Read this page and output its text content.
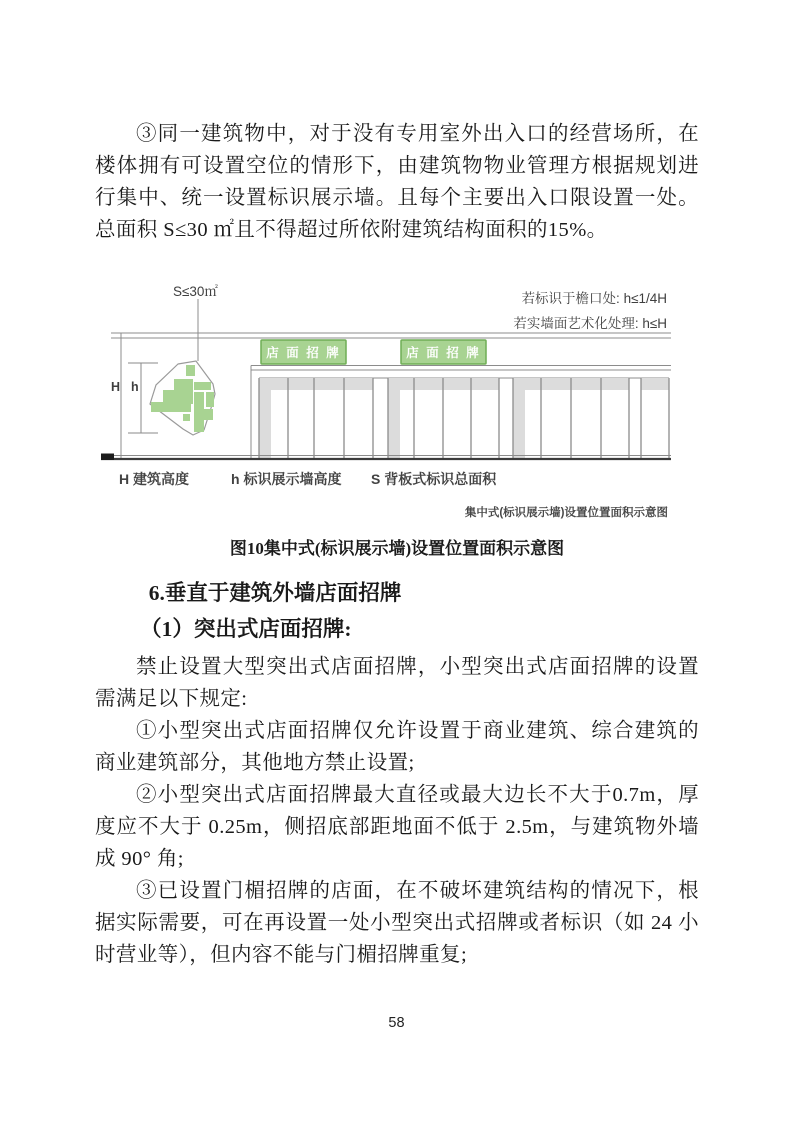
③同一建筑物中，对于没有专用室外出入口的经营场所，在楼体拥有可设置空位的情形下，由建筑物物业管理方根据规划进行集中、统一设置标识展示墙。且每个主要出入口限设置一处。总面积 S≤30 ㎡且不得超过所依附建筑结构面积的15%。

若标识于檐口处: h≤1/4H
若实墙面艺术化处理: h≤H
S≤30㎡
H h
店 面 招 牌	店 面 招 牌
H 建筑高度	h 标识展示墙高度 S 背板式标识总面积
集中式(标识展示墙)设置位置面积示意图
图10集中式(标识展示墙)设置位置面积示意图
6.垂直于建筑外墙店面招牌
（1）突出式店面招牌:

禁止设置大型突出式店面招牌，小型突出式店面招牌的设置需满足以下规定:

①小型突出式店面招牌仅允许设置于商业建筑、综合建筑的商业建筑部分，其他地方禁止设置;

②小型突出式店面招牌最大直径或最大边长不大于0.7m，厚度应不大于 0.25m，侧招底部距地面不低于 2.5m，与建筑物外墙成 90° 角;

③已设置门楣招牌的店面，在不破坏建筑结构的情况下，根据实际需要，可在再设置一处小型突出式招牌或者标识（如 24 小时营业等），但内容不能与门楣招牌重复;

58
